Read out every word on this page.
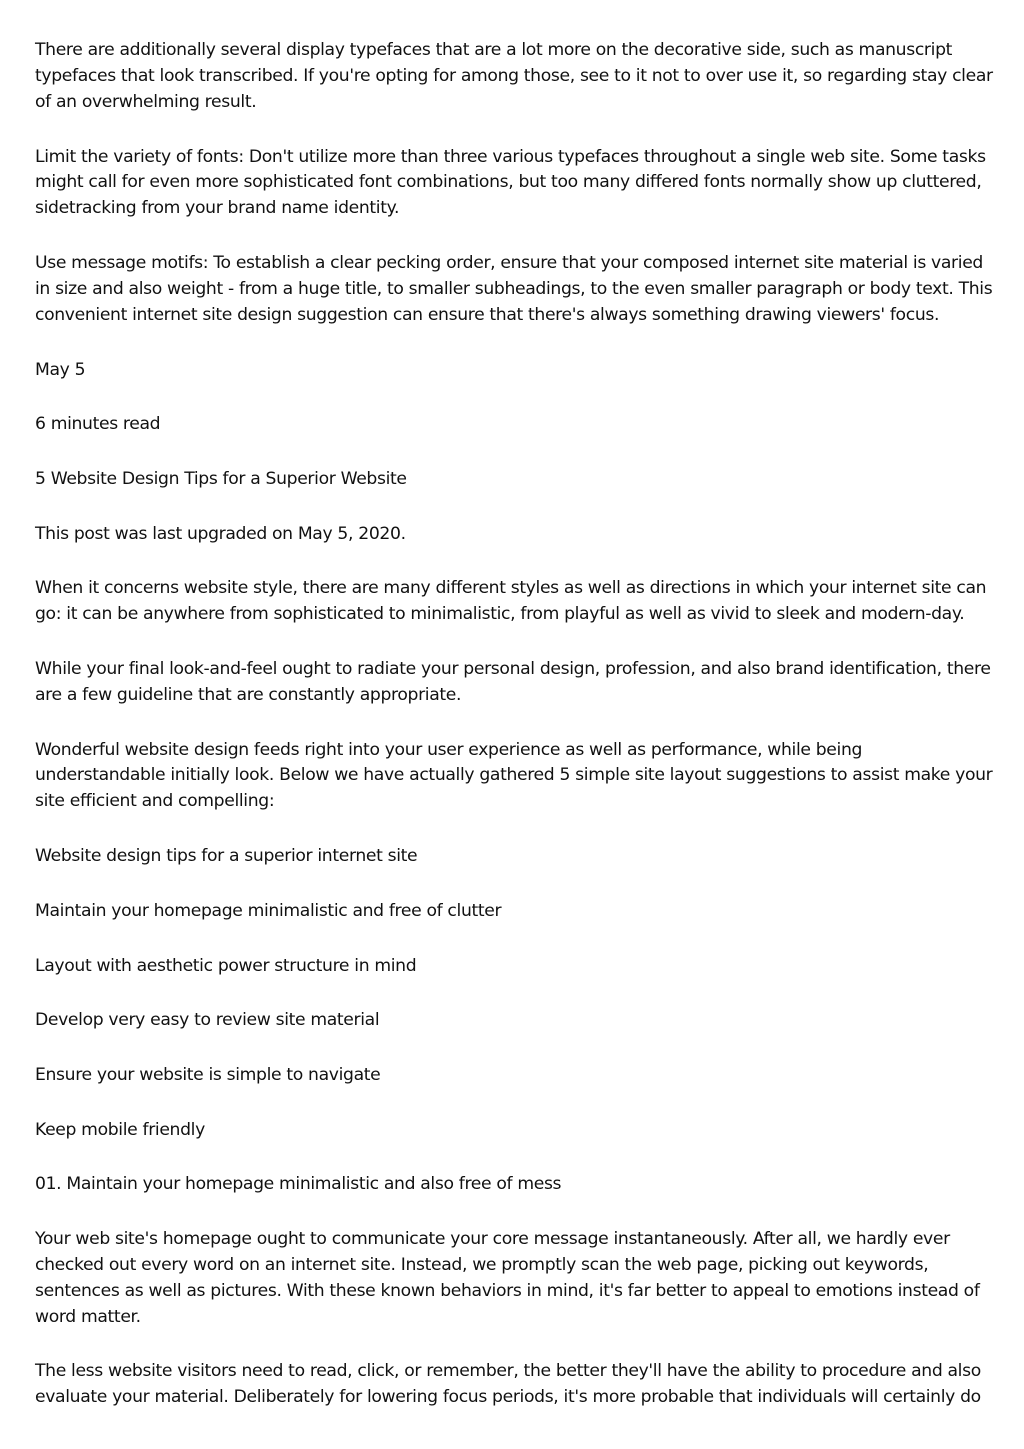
There are additionally several display typefaces that are a lot more on the decorative side, such as manuscript typefaces that look transcribed. If you're opting for among those, see to it not to over use it, so regarding stay clear of an overwhelming result.

Limit the variety of fonts: Don't utilize more than three various typefaces throughout a single web site. Some tasks might call for even more sophisticated font combinations, but too many differed fonts normally show up cluttered, sidetracking from your brand name identity.

Use message motifs: To establish a clear pecking order, ensure that your composed internet site material is varied in size and also weight - from a huge title, to smaller subheadings, to the even smaller paragraph or body text. This convenient internet site design suggestion can ensure that there's always something drawing viewers' focus.

May 5

6 minutes read

5 Website Design Tips for a Superior Website

This post was last upgraded on May 5, 2020.

When it concerns website style, there are many different styles as well as directions in which your internet site can go: it can be anywhere from sophisticated to minimalistic, from playful as well as vivid to sleek and modern-day.

While your final look-and-feel ought to radiate your personal design, profession, and also brand identification, there are a few guideline that are constantly appropriate.

Wonderful website design feeds right into your user experience as well as performance, while being understandable initially look. Below we have actually gathered 5 simple site layout suggestions to assist make your site efficient and compelling:

Website design tips for a superior internet site

Maintain your homepage minimalistic and free of clutter

Layout with aesthetic power structure in mind

Develop very easy to review site material

Ensure your website is simple to navigate

Keep mobile friendly

01. Maintain your homepage minimalistic and also free of mess

Your web site's homepage ought to communicate your core message instantaneously. After all, we hardly ever checked out every word on an internet site. Instead, we promptly scan the web page, picking out keywords, sentences as well as pictures. With these known behaviors in mind, it's far better to appeal to emotions instead of word matter.

The less website visitors need to read, click, or remember, the better they'll have the ability to procedure and also evaluate your material. Deliberately for lowering focus periods, it's more probable that individuals will certainly do
